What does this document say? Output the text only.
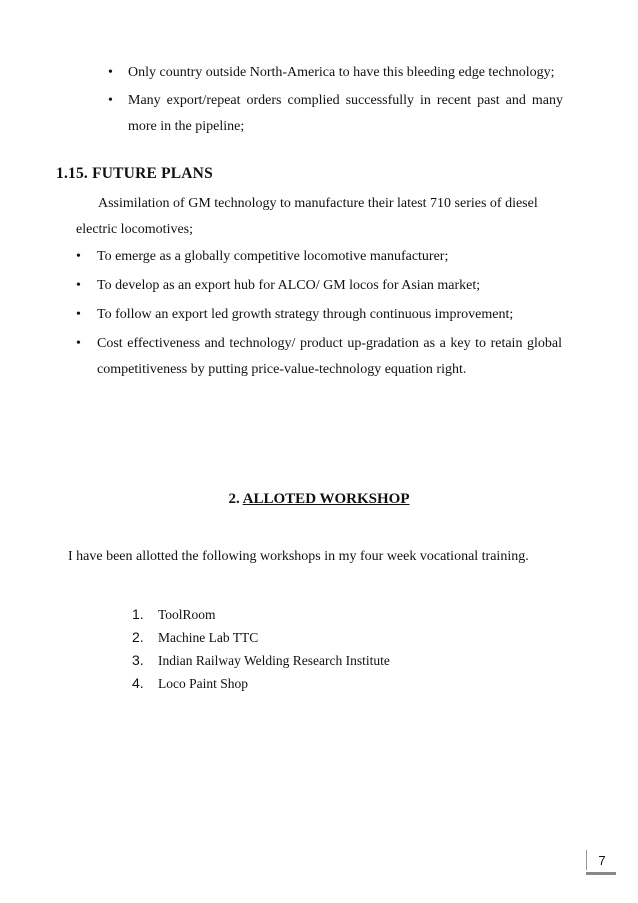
• Only country outside North-America to have this bleeding edge technology;
• Many export/repeat orders complied successfully in recent past and many more in the pipeline;
1.15. FUTURE PLANS

Assimilation of GM technology to manufacture their latest 710 series of diesel electric locomotives;

• To emerge as a globally competitive locomotive manufacturer;
• To develop as an export hub for ALCO/ GM locos for Asian market;
• To follow an export led growth strategy through continuous improvement;
• Cost effectiveness and technology/ product up-gradation as a key to retain global competitiveness by putting price-value-technology equation right.
2. ALLOTED WORKSHOP

I have been allotted the following workshops in my four week vocational training.

1. ToolRoom
2. Machine Lab TTC
3. Indian Railway Welding Research Institute
4. Loco Paint Shop
7
